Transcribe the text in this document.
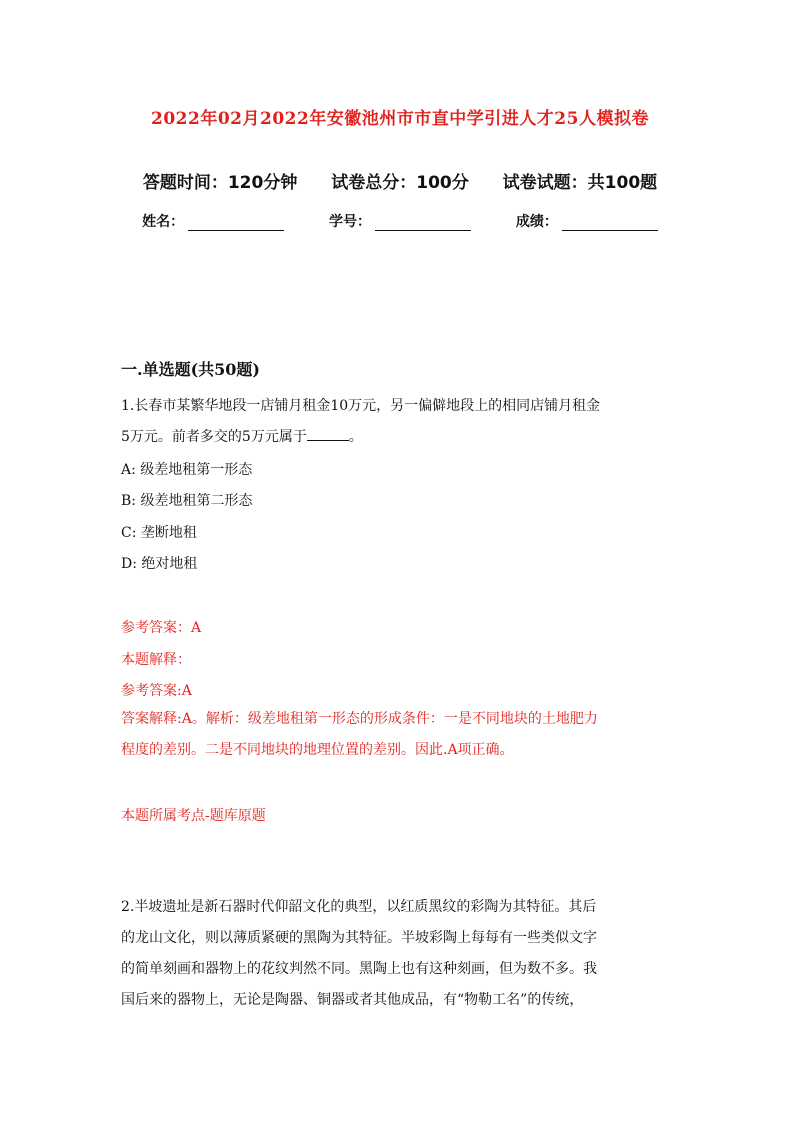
2022年02月2022年安徽池州市市直中学引进人才25人模拟卷
答题时间：120分钟 试卷总分：100分 试卷试题：共100题
姓名：	学号：	成绩：
一.单选题(共50题)
1.长春市某繁华地段一店铺月租金10万元，另一偏僻地段上的相同店铺月租金
5万元。前者多交的5万元属于	。
A: 级差地租第一形态
B: 级差地租第二形态
C: 垄断地租
D: 绝对地租
参考答案：A
本题解释：
参考答案:A
答案解释:A。解析：级差地租第一形态的形成条件：一是不同地块的土地肥力
程度的差别。二是不同地块的地理位置的差别。因此.A项正确。
本题所属考点-题库原题
2.半坡遗址是新石器时代仰韶文化的典型，以红质黑纹的彩陶为其特征。其后
的龙山文化，则以薄质紧硬的黑陶为其特征。半坡彩陶上每每有一些类似文字
的简单刻画和器物上的花纹判然不同。黑陶上也有这种刻画，但为数不多。我
国后来的器物上，无论是陶器、铜器或者其他成品，有“物勒工名”的传统，
